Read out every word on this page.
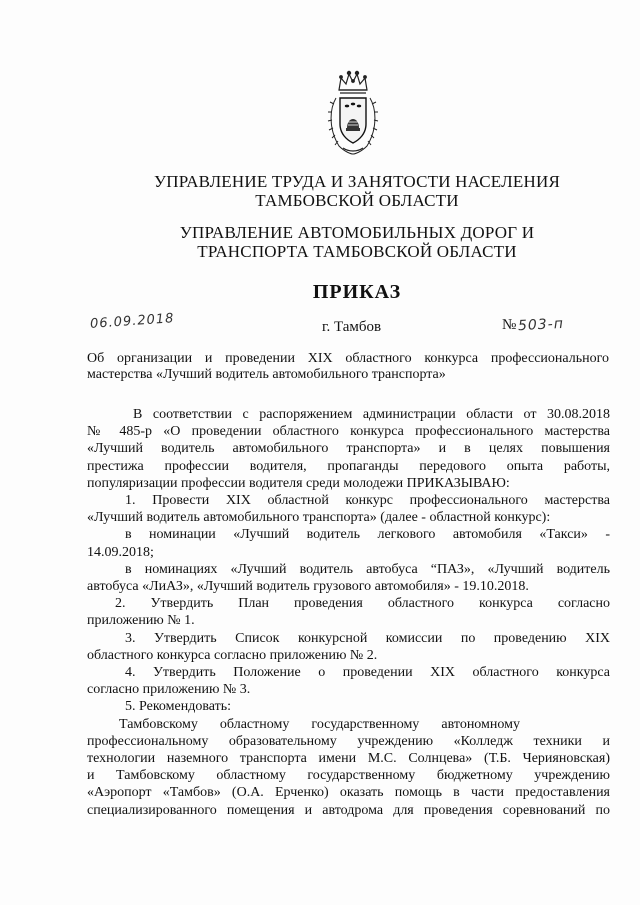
УПРАВЛЕНИЕ ТРУДА И ЗАНЯТОСТИ НАСЕЛЕНИЯ
ТАМБОВСКОЙ ОБЛАСТИ
УПРАВЛЕНИЕ АВТОМОБИЛЬНЫХ ДОРОГ И
ТРАНСПОРТА ТАМБОВСКОЙ ОБЛАСТИ
ПРИКАЗ
06.09.2018	г. Тамбов	№ 503-п
Об организации и проведении XIX областного конкурса профессионального
мастерства «Лучший водитель автомобильного транспорта»
В соответствии с распоряжением администрации области от 30.08.2018
№ 485-р «О проведении областного конкурса профессионального мастерства
«Лучший водитель автомобильного транспорта» и в целях повышения
престижа профессии водителя, пропаганды передового опыта работы,
популяризации профессии водителя среди молодежи ПРИКАЗЫВАЮ:
1. Провести XIX областной конкурс профессионального мастерства
«Лучший водитель автомобильного транспорта» (далее - областной конкурс):
в номинации «Лучший водитель легкового автомобиля «Такси» -
14.09.2018;
в номинациях «Лучший водитель автобуса “ПАЗ», «Лучший водитель
автобуса «ЛиАЗ», «Лучший водитель грузового автомобиля» - 19.10.2018.
2. Утвердить План проведения областного конкурса согласно
приложению № 1.
3. Утвердить Список конкурсной комиссии по проведению XIX
областного конкурса согласно приложению № 2.
4. Утвердить Положение о проведении XIX областного конкурса
согласно приложению № 3.
5. Рекомендовать:
Тамбовскому областному государственному автономному
профессиональному образовательному учреждению «Колледж техники и
технологии наземного транспорта имени М.С. Солнцева» (Т.Б. Черияновская)
и Тамбовскому областному государственному бюджетному учреждению
«Аэропорт «Тамбов» (О.А. Ерченко) оказать помощь в части предоставления
специализированного помещения и автодрома для проведения соревнований по
